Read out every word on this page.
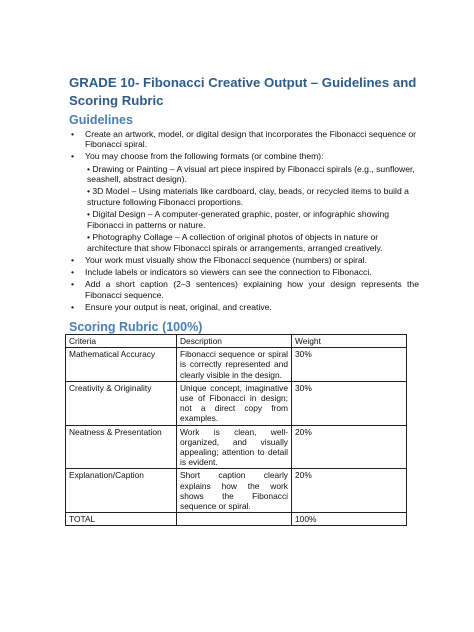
GRADE 10- Fibonacci Creative Output – Guidelines and Scoring Rubric
Guidelines
• Create an artwork, model, or digital design that incorporates the Fibonacci sequence or Fibonacci spiral.
• You may choose from the following formats (or combine them):
• Drawing or Painting – A visual art piece inspired by Fibonacci spirals (e.g., sunflower, seashell, abstract design).
• 3D Model – Using materials like cardboard, clay, beads, or recycled items to build a structure following Fibonacci proportions.
• Digital Design – A computer-generated graphic, poster, or infographic showing Fibonacci in patterns or nature.
• Photography Collage – A collection of original photos of objects in nature or architecture that show Fibonacci spirals or arrangements, arranged creatively.
• Your work must visually show the Fibonacci sequence (numbers) or spiral.
• Include labels or indicators so viewers can see the connection to Fibonacci.
• Add a short caption (2–3 sentences) explaining how your design represents the Fibonacci sequence.
• Ensure your output is neat, original, and creative.
Scoring Rubric (100%)
Criteria	Description	Weight
Mathematical Accuracy	Fibonacci sequence or spiral is correctly represented and clearly visible in the design.	30%
Creativity & Originality	Unique concept, imaginative use of Fibonacci in design; not a direct copy from examples.	30%
Neatness & Presentation	Work is clean, well-organized, and visually appealing; attention to detail is evident.	20%
Explanation/Caption	Short caption clearly explains how the work shows the Fibonacci sequence or spiral.	20%
TOTAL		100%
